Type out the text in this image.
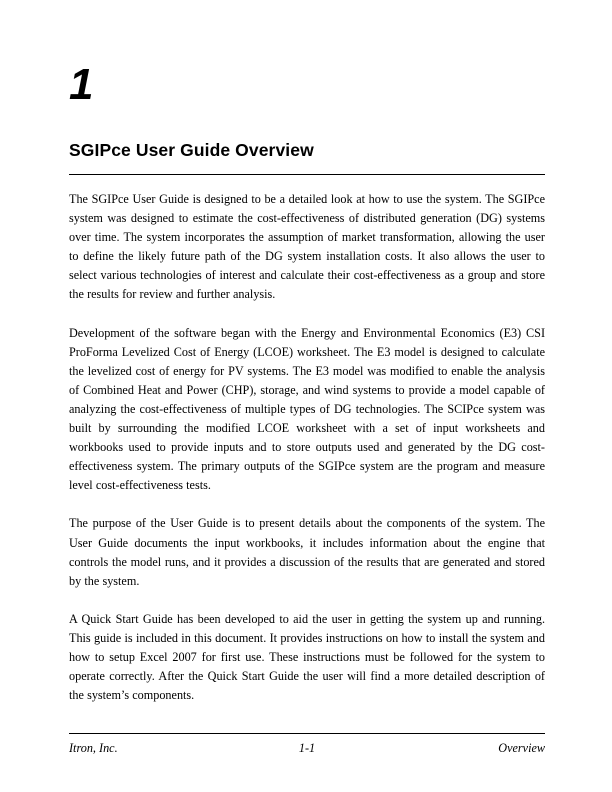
1
SGIPce User Guide Overview

The SGIPce User Guide is designed to be a detailed look at how to use the system. The SGIPce system was designed to estimate the cost-effectiveness of distributed generation (DG) systems over time. The system incorporates the assumption of market transformation, allowing the user to define the likely future path of the DG system installation costs. It also allows the user to select various technologies of interest and calculate their cost-effectiveness as a group and store the results for review and further analysis.

Development of the software began with the Energy and Environmental Economics (E3) CSI ProForma Levelized Cost of Energy (LCOE) worksheet. The E3 model is designed to calculate the levelized cost of energy for PV systems. The E3 model was modified to enable the analysis of Combined Heat and Power (CHP), storage, and wind systems to provide a model capable of analyzing the cost-effectiveness of multiple types of DG technologies. The SCIPce system was built by surrounding the modified LCOE worksheet with a set of input worksheets and workbooks used to provide inputs and to store outputs used and generated by the DG cost-effectiveness system. The primary outputs of the SGIPce system are the program and measure level cost-effectiveness tests.

The purpose of the User Guide is to present details about the components of the system. The User Guide documents the input workbooks, it includes information about the engine that controls the model runs, and it provides a discussion of the results that are generated and stored by the system.

A Quick Start Guide has been developed to aid the user in getting the system up and running. This guide is included in this document. It provides instructions on how to install the system and how to setup Excel 2007 for first use. These instructions must be followed for the system to operate correctly. After the Quick Start Guide the user will find a more detailed description of the system’s components.

Itron, Inc.	1-1	Overview
